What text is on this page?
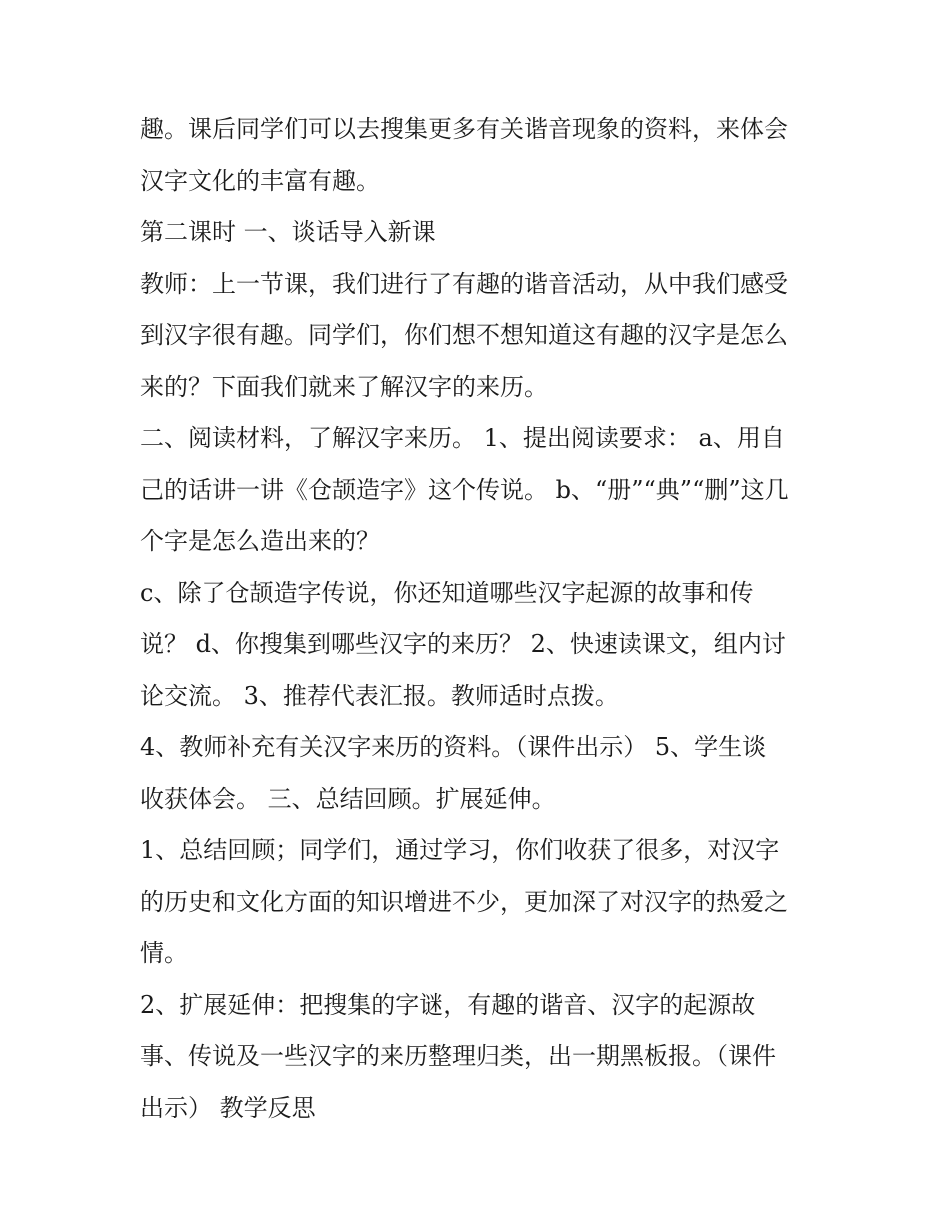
趣。课后同学们可以去搜集更多有关谐音现象的资料，来体会
汉字文化的丰富有趣。
第二课时 一、谈话导入新课
教师：上一节课，我们进行了有趣的谐音活动，从中我们感受
到汉字很有趣。同学们，你们想不想知道这有趣的汉字是怎么
来的？下面我们就来了解汉字的来历。
二、阅读材料，了解汉字来历。 1、提出阅读要求： a、用自
己的话讲一讲《仓颉造字》这个传说。 b、“册”“典”“删”这几
个字是怎么造出来的？
c、除了仓颉造字传说，你还知道哪些汉字起源的故事和传
说？ d、你搜集到哪些汉字的来历？ 2、快速读课文，组内讨
论交流。 3、推荐代表汇报。教师适时点拨。
4、教师补充有关汉字来历的资料。（课件出示） 5、学生谈
收获体会。 三、总结回顾。扩展延伸。
1、总结回顾；同学们，通过学习，你们收获了很多，对汉字
的历史和文化方面的知识增进不少，更加深了对汉字的热爱之
情。
2、扩展延伸：把搜集的字谜，有趣的谐音、汉字的起源故
事、传说及一些汉字的来历整理归类，出一期黑板报。（课件
出示） 教学反思
